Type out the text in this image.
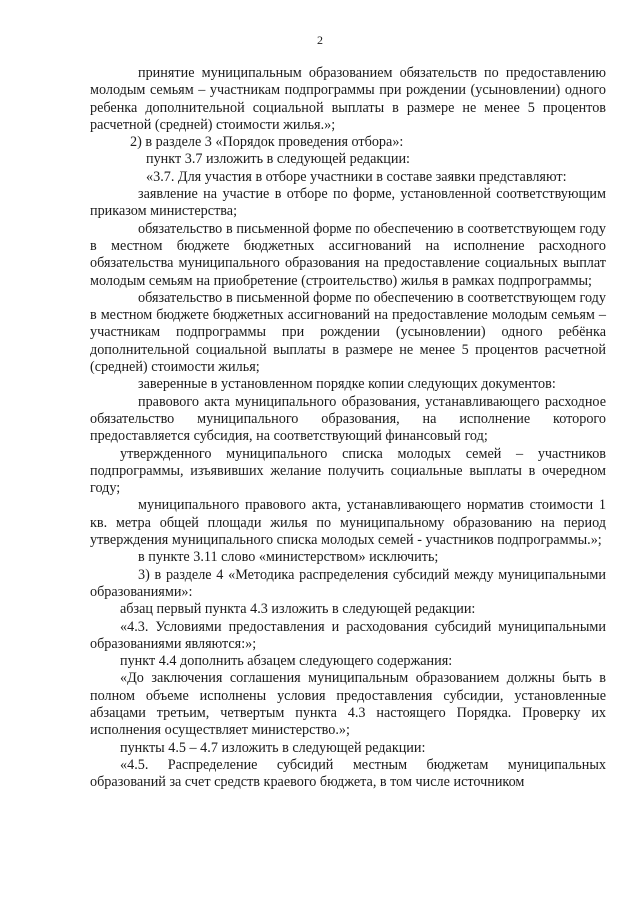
2

принятие муниципальным образованием обязательств по предоставлению молодым семьям – участникам подпрограммы при рождении (усыновлении) одного ребенка дополнительной социальной выплаты в размере не менее 5 процентов расчетной (средней) стоимости жилья.»;

2) в разделе 3 «Порядок проведения отбора»:

пункт 3.7 изложить в следующей редакции:

«3.7. Для участия в отборе участники в составе заявки представляют:

заявление на участие в отборе по форме, установленной соответствующим приказом министерства;

обязательство в письменной форме по обеспечению в соответствующем году в местном бюджете бюджетных ассигнований на исполнение расходного обязательства муниципального образования на предоставление социальных выплат молодым семьям на приобретение (строительство) жилья в рамках подпрограммы;

обязательство в письменной форме по обеспечению в соответствующем году в местном бюджете бюджетных ассигнований на предоставление молодым семьям – участникам подпрограммы при рождении (усыновлении) одного ребёнка дополнительной социальной выплаты в размере не менее 5 процентов расчетной (средней) стоимости жилья;

заверенные в установленном порядке копии следующих документов:

правового акта муниципального образования, устанавливающего расходное обязательство муниципального образования, на исполнение которого предоставляется субсидия, на соответствующий финансовый год;

утвержденного муниципального списка молодых семей – участников подпрограммы, изъявивших желание получить социальные выплаты в очередном году;

муниципального правового акта, устанавливающего норматив стоимости 1 кв. метра общей площади жилья по муниципальному образованию на период утверждения муниципального списка молодых семей - участников подпрограммы.»;

в пункте 3.11 слово «министерством» исключить;

3) в разделе 4 «Методика распределения субсидий между муниципальными образованиями»:

абзац первый пункта 4.3 изложить в следующей редакции:

«4.3. Условиями предоставления и расходования субсидий муниципальными образованиями являются:»;

пункт 4.4 дополнить абзацем следующего содержания:

«До заключения соглашения муниципальным образованием должны быть в полном объеме исполнены условия предоставления субсидии, установленные абзацами третьим, четвертым пункта 4.3 настоящего Порядка. Проверку их исполнения осуществляет министерство.»;

пункты 4.5 – 4.7 изложить в следующей редакции:

«4.5. Распределение субсидий местным бюджетам муниципальных образований за счет средств краевого бюджета, в том числе источником
